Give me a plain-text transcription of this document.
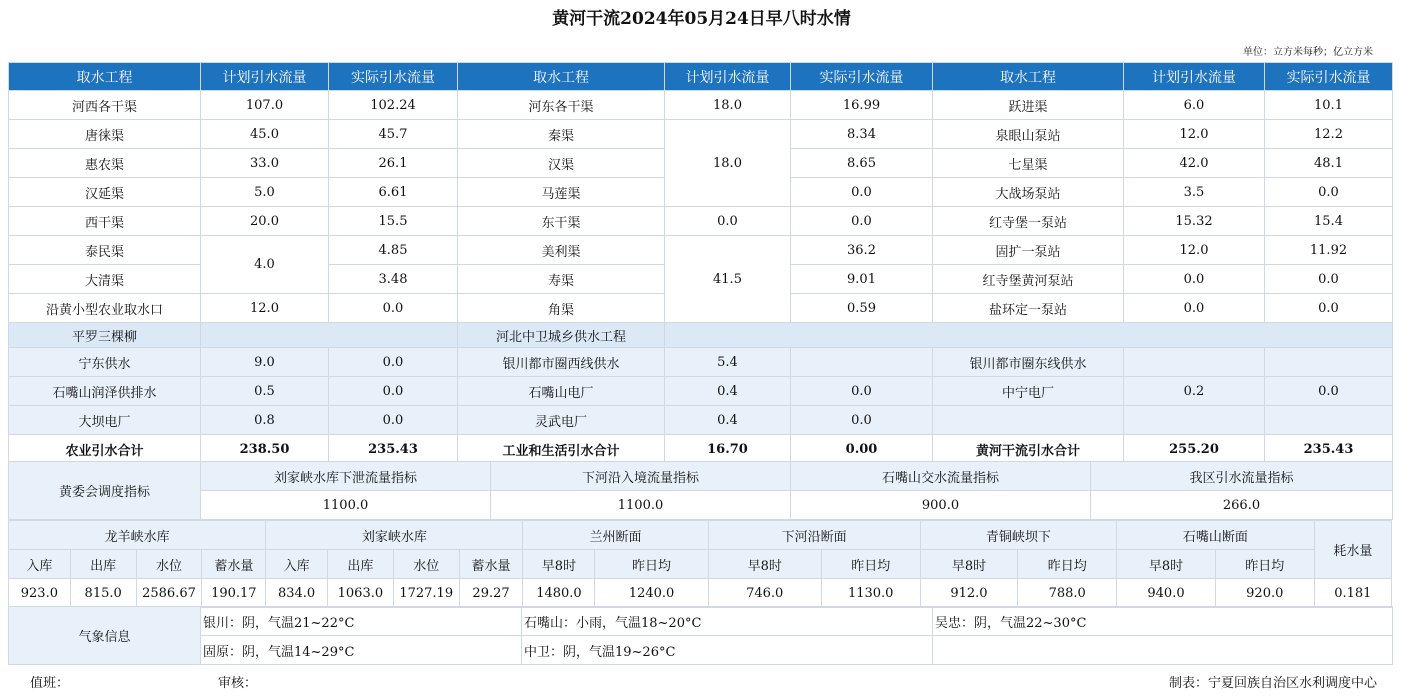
黄河干流2024年05月24日早八时水情
单位：立方米每秒；亿立方米
取水工程	计划引水流量	实际引水流量	取水工程	计划引水流量	实际引水流量	取水工程	计划引水流量	实际引水流量
河西各干渠	107.0	102.24	河东各干渠	18.0	16.99	跃进渠	6.0	10.1
唐徕渠	45.0	45.7	秦渠	18.0	8.34	泉眼山泵站	12.0	12.2
惠农渠	33.0	26.1	汉渠		8.65	七星渠	42.0	48.1
汉延渠	5.0	6.61	马莲渠		0.0	大战场泵站	3.5	0.0
西干渠	20.0	15.5	东干渠	0.0	0.0	红寺堡一泵站	15.32	15.4
泰民渠	4.0	4.85	美利渠	41.5	36.2	固扩一泵站	12.0	11.92
大清渠		3.48	寿渠		9.01	红寺堡黄河泵站	0.0	0.0
沿黄小型农业取水口	12.0	0.0	角渠		0.59	盐环定一泵站	0.0	0.0
平罗三棵柳			河北中卫城乡供水工程					
宁东供水	9.0	0.0	银川都市圈西线供水	5.4		银川都市圈东线供水		
石嘴山润泽供排水	0.5	0.0	石嘴山电厂	0.4	0.0	中宁电厂	0.2	0.0
大坝电厂	0.8	0.0	灵武电厂	0.4	0.0			
农业引水合计	238.50	235.43	工业和生活引水合计	16.70	0.00	黄河干流引水合计	255.20	235.43
黄委会调度指标	刘家峡水库下泄流量指标	下河沿入境流量指标	石嘴山交水流量指标	我区引水流量指标
	1100.0	1100.0	900.0	266.0
龙羊峡水库				刘家峡水库				兰州断面		下河沿断面		青铜峡坝下		石嘴山断面		耗水量
入库	出库	水位	蓄水量	入库	出库	水位	蓄水量	早8时	昨日均	早8时	昨日均	早8时	昨日均	早8时	昨日均	
923.0	815.0	2586.67	190.17	834.0	1063.0	1727.19	29.27	1480.0	1240.0	746.0	1130.0	912.0	788.0	940.0	920.0	0.181
气象信息	银川：阴，气温21~22°C	石嘴山：小雨，气温18~20°C	吴忠：阴，气温22~30°C
	固原：阴，气温14~29°C	中卫：阴，气温19~26°C	
值班：	审核：	制表：宁夏回族自治区水利调度中心
